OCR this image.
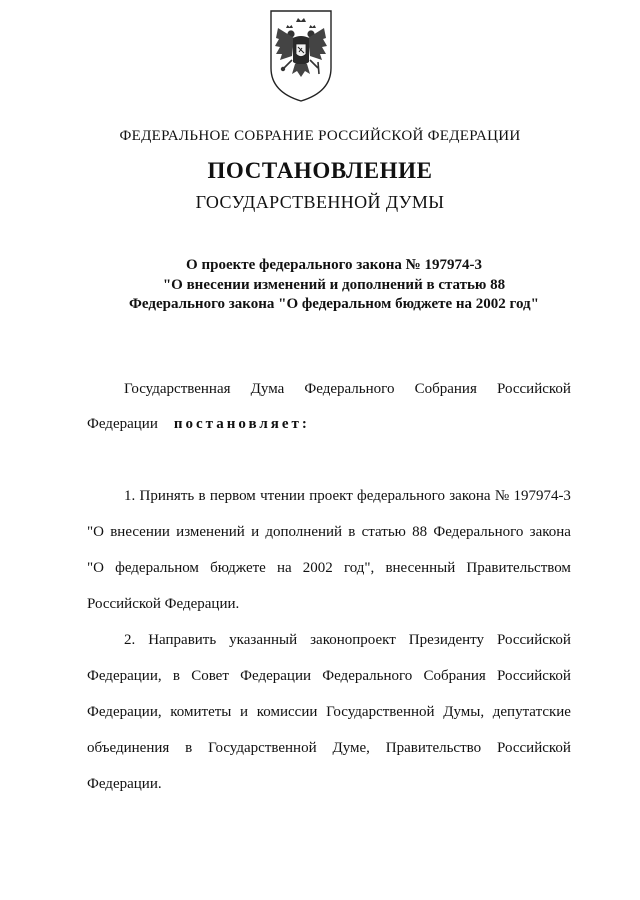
ФЕДЕРАЛЬНОЕ СОБРАНИЕ РОССИЙСКОЙ ФЕДЕРАЦИИ
ПОСТАНОВЛЕНИЕ
ГОСУДАРСТВЕННОЙ ДУМЫ
О проекте федерального закона № 197974-3
"О внесении изменений и дополнений в статью 88
Федерального закона "О федеральном бюджете на 2002 год"
Государственная Дума Федерального Собрания Российской
Федерации постановляет:
1. Принять в первом чтении проект федерального закона № 197974-3
"О внесении изменений и дополнений в статью 88 Федерального закона
"О федеральном бюджете на 2002 год", внесенный Правительством
Российской Федерации.
2. Направить указанный законопроект Президенту Российской
Федерации, в Совет Федерации Федерального Собрания Российской
Федерации, комитеты и комиссии Государственной Думы, депутатские
объединения в Государственной Думе, Правительство Российской
Федерации.
